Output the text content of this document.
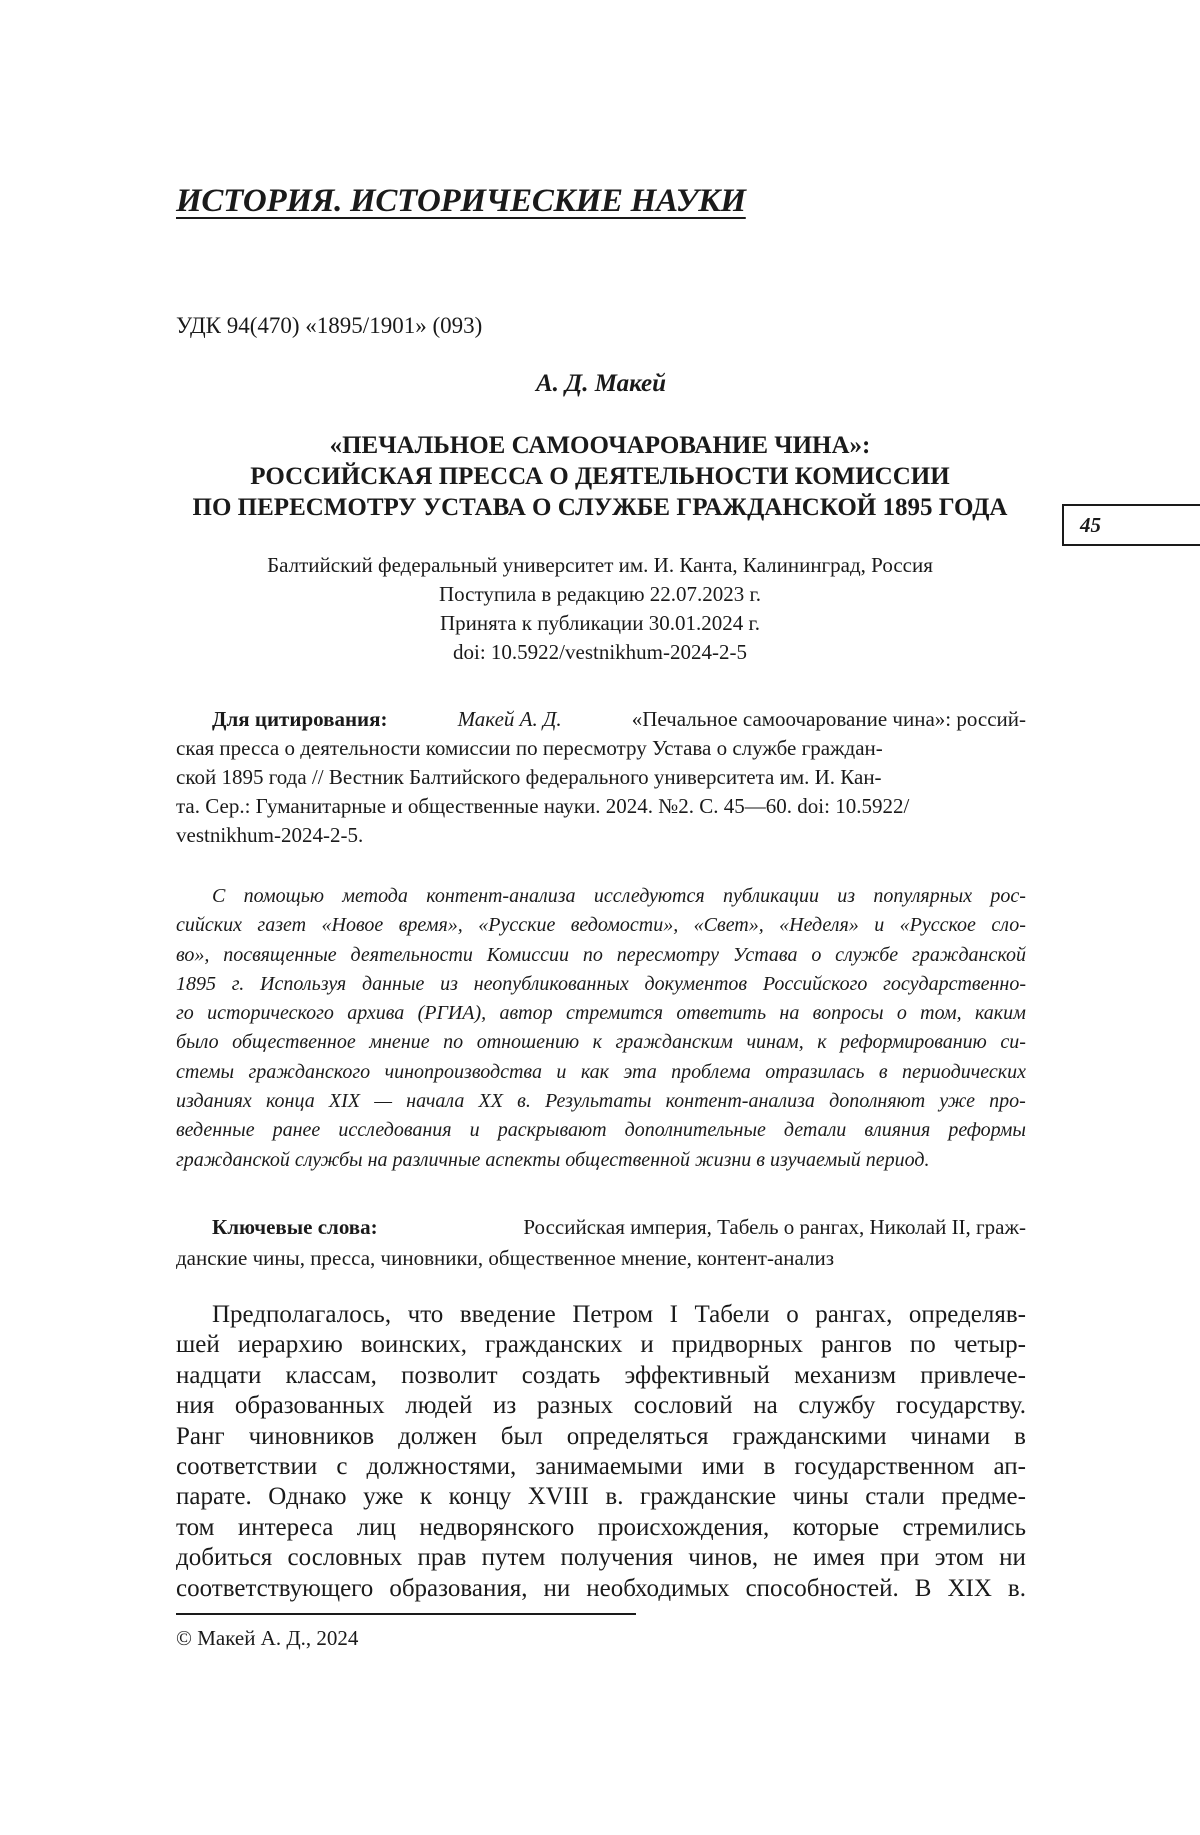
ИСТОРИЯ. ИСТОРИЧЕСКИЕ НАУКИ
УДК 94(470) «1895/1901» (093)
А. Д. Макей
«ПЕЧАЛЬНОЕ САМООЧАРОВАНИЕ ЧИНА»:
РОССИЙСКАЯ ПРЕССА О ДЕЯТЕЛЬНОСТИ КОМИССИИ
ПО ПЕРЕСМОТРУ УСТАВА О СЛУЖБЕ ГРАЖДАНСКОЙ 1895 ГОДА
45
Балтийский федеральный университет им. И. Канта, Калининград, Россия
Поступила в редакцию 22.07.2023 г.
Принята к публикации 30.01.2024 г.
doi: 10.5922/vestnikhum-2024-2-5
Для цитирования:	Макей А. Д.	«Печальное самоочарование чина»: россий-
ская пресса о деятельности комиссии по пересмотру Устава о службе граждан-
ской 1895 года // Вестник Балтийского федерального университета им. И. Кан-
та. Сер.: Гуманитарные и общественные науки. 2024. №2. С. 45—60. doi: 10.5922/
vestnikhum-2024-2-5.
С помощью метода контент-анализа исследуются публикации из популярных рос-
сийских газет «Новое время», «Русские ведомости», «Свет», «Неделя» и «Русское сло-
во», посвященные деятельности Комиссии по пересмотру Устава о службе гражданской
1895 г. Используя данные из неопубликованных документов Российского государственно-
го исторического архива (РГИА), автор стремится ответить на вопросы о том, каким
было общественное мнение по отношению к гражданским чинам, к реформированию си-
стемы гражданского чинопроизводства и как эта проблема отразилась в периодических
изданиях конца XIX — начала XX в. Результаты контент-анализа дополняют уже про-
веденные ранее исследования и раскрывают дополнительные детали влияния реформы
гражданской службы на различные аспекты общественной жизни в изучаемый период.
Ключевые слова:	Российская империя, Табель о рангах, Николай II, граж-
данские чины, пресса, чиновники, общественное мнение, контент-анализ
Предполагалось, что введение Петром I Табели о рангах, определяв-
шей иерархию воинских, гражданских и придворных рангов по четыр-
надцати классам, позволит создать эффективный механизм привлече-
ния образованных людей из разных сословий на службу государству.
Ранг чиновников должен был определяться гражданскими чинами в
соответствии с должностями, занимаемыми ими в государственном ап-
парате. Однако уже к концу XVIII в. гражданские чины стали предме-
том интереса лиц недворянского происхождения, которые стремились
добиться сословных прав путем получения чинов, не имея при этом ни
соответствующего образования, ни необходимых способностей. В XIX в.
© Макей А. Д., 2024
